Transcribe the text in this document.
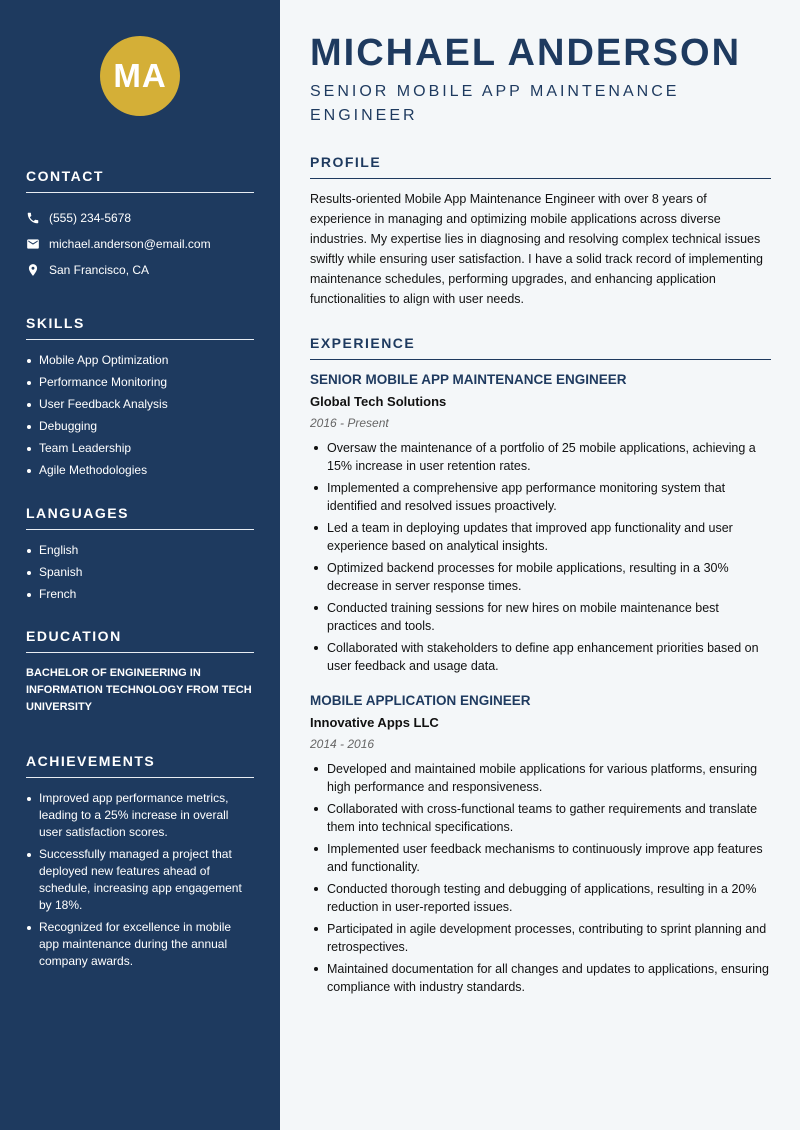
MA
CONTACT
(555) 234-5678
michael.anderson@email.com
San Francisco, CA
SKILLS
Mobile App Optimization
Performance Monitoring
User Feedback Analysis
Debugging
Team Leadership
Agile Methodologies
LANGUAGES
English
Spanish
French
EDUCATION
BACHELOR OF ENGINEERING IN INFORMATION TECHNOLOGY FROM TECH UNIVERSITY
ACHIEVEMENTS
Improved app performance metrics, leading to a 25% increase in overall user satisfaction scores.
Successfully managed a project that deployed new features ahead of schedule, increasing app engagement by 18%.
Recognized for excellence in mobile app maintenance during the annual company awards.
MICHAEL ANDERSON
SENIOR MOBILE APP MAINTENANCE ENGINEER
PROFILE

Results-oriented Mobile App Maintenance Engineer with over 8 years of experience in managing and optimizing mobile applications across diverse industries. My expertise lies in diagnosing and resolving complex technical issues swiftly while ensuring user satisfaction. I have a solid track record of implementing maintenance schedules, performing upgrades, and enhancing application functionalities to align with user needs.

EXPERIENCE
SENIOR MOBILE APP MAINTENANCE ENGINEER
Global Tech Solutions
2016 - Present
Oversaw the maintenance of a portfolio of 25 mobile applications, achieving a 15% increase in user retention rates.
Implemented a comprehensive app performance monitoring system that identified and resolved issues proactively.
Led a team in deploying updates that improved app functionality and user experience based on analytical insights.
Optimized backend processes for mobile applications, resulting in a 30% decrease in server response times.
Conducted training sessions for new hires on mobile maintenance best practices and tools.
Collaborated with stakeholders to define app enhancement priorities based on user feedback and usage data.
MOBILE APPLICATION ENGINEER
Innovative Apps LLC
2014 - 2016
Developed and maintained mobile applications for various platforms, ensuring high performance and responsiveness.
Collaborated with cross-functional teams to gather requirements and translate them into technical specifications.
Implemented user feedback mechanisms to continuously improve app features and functionality.
Conducted thorough testing and debugging of applications, resulting in a 20% reduction in user-reported issues.
Participated in agile development processes, contributing to sprint planning and retrospectives.
Maintained documentation for all changes and updates to applications, ensuring compliance with industry standards.
